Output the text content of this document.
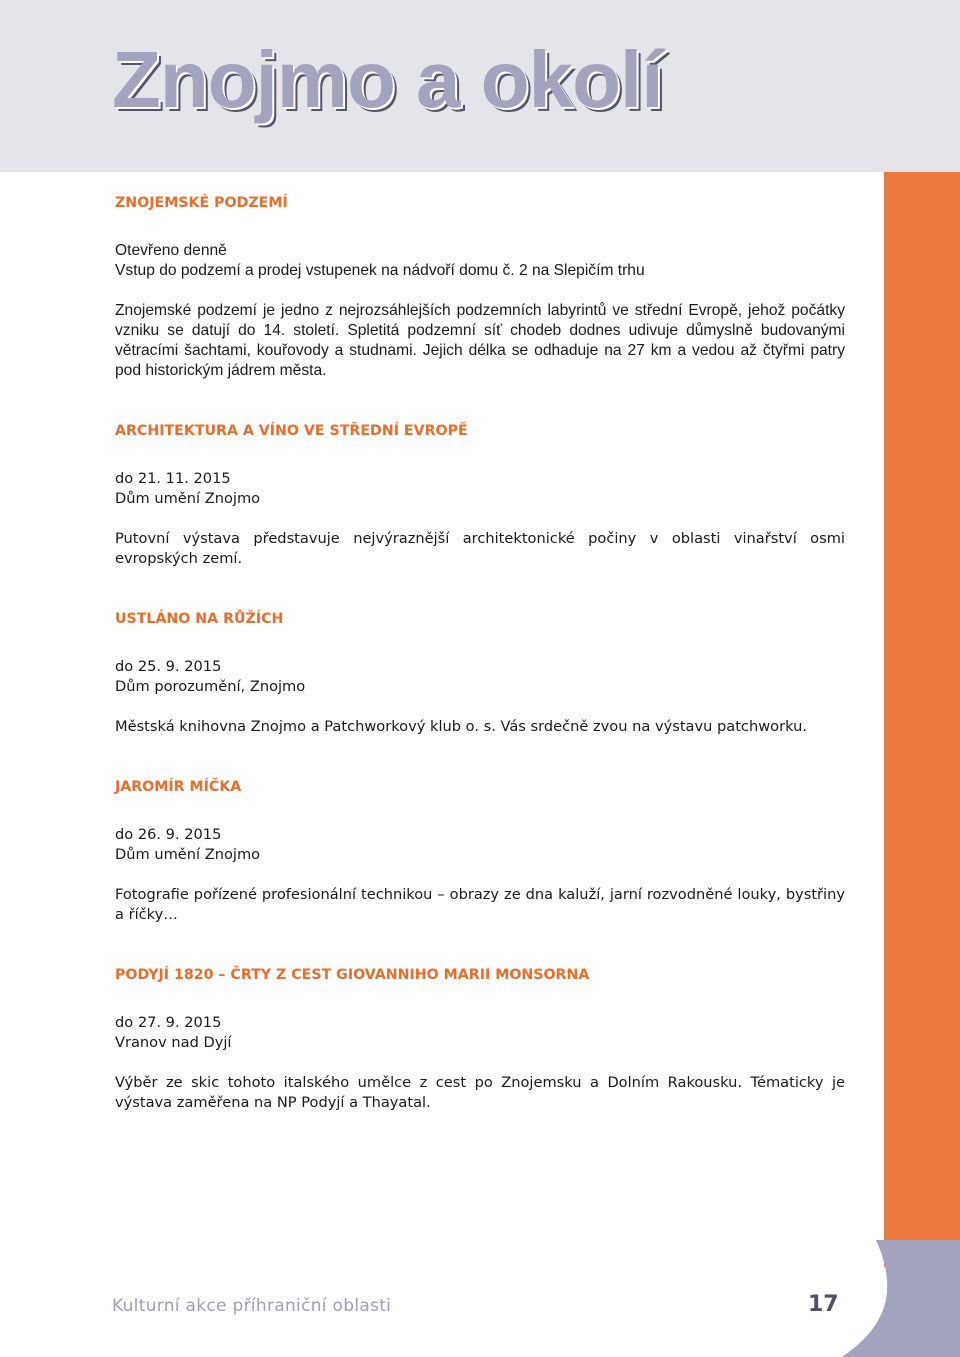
Znojmo a okolí
ZNOJEMSKÉ PODZEMÍ
Otevřeno denně
Vstup do podzemí a prodej vstupenek na nádvoří domu č. 2 na Slepičím trhu

Znojemské podzemí je jedno z nejrozsáhlejších podzemních labyrintů ve střední Evropě, jehož počátky vzniku se datují do 14. století. Spletitá podzemní síť chodeb dodnes udivuje důmyslně budovanými větracími šachtami, kouřovody a studnami. Jejich délka se odhaduje na 27 km a vedou až čtyřmi patry pod historickým jádrem města.

ARCHITEKTURA A VÍNO VE STŘEDNÍ EVROPĚ
do 21. 11. 2015
Dům umění Znojmo

Putovní výstava představuje nejvýraznější architektonické počiny v oblasti vinařství osmi evropských zemí.

USTLÁNO NA RŮŽÍCH
do 25. 9. 2015
Dům porozumění, Znojmo

Městská knihovna Znojmo a Patchworkový klub o. s. Vás srdečně zvou na výstavu patchworku.

JAROMÍR MÍČKA
do 26. 9. 2015
Dům umění Znojmo

Fotografie pořízené profesionální technikou – obrazy ze dna kaluží, jarní rozvodněné louky, bystřiny a říčky…

PODYJÍ 1820 – ČRTY Z CEST GIOVANNIHO MARII MONSORNA
do 27. 9. 2015
Vranov nad Dyjí

Výběr ze skic tohoto italského umělce z cest po Znojemsku a Dolním Rakousku. Tématicky je výstava zaměřena na NP Podyjí a Thayatal.

Kulturní akce příhraniční oblasti	17
